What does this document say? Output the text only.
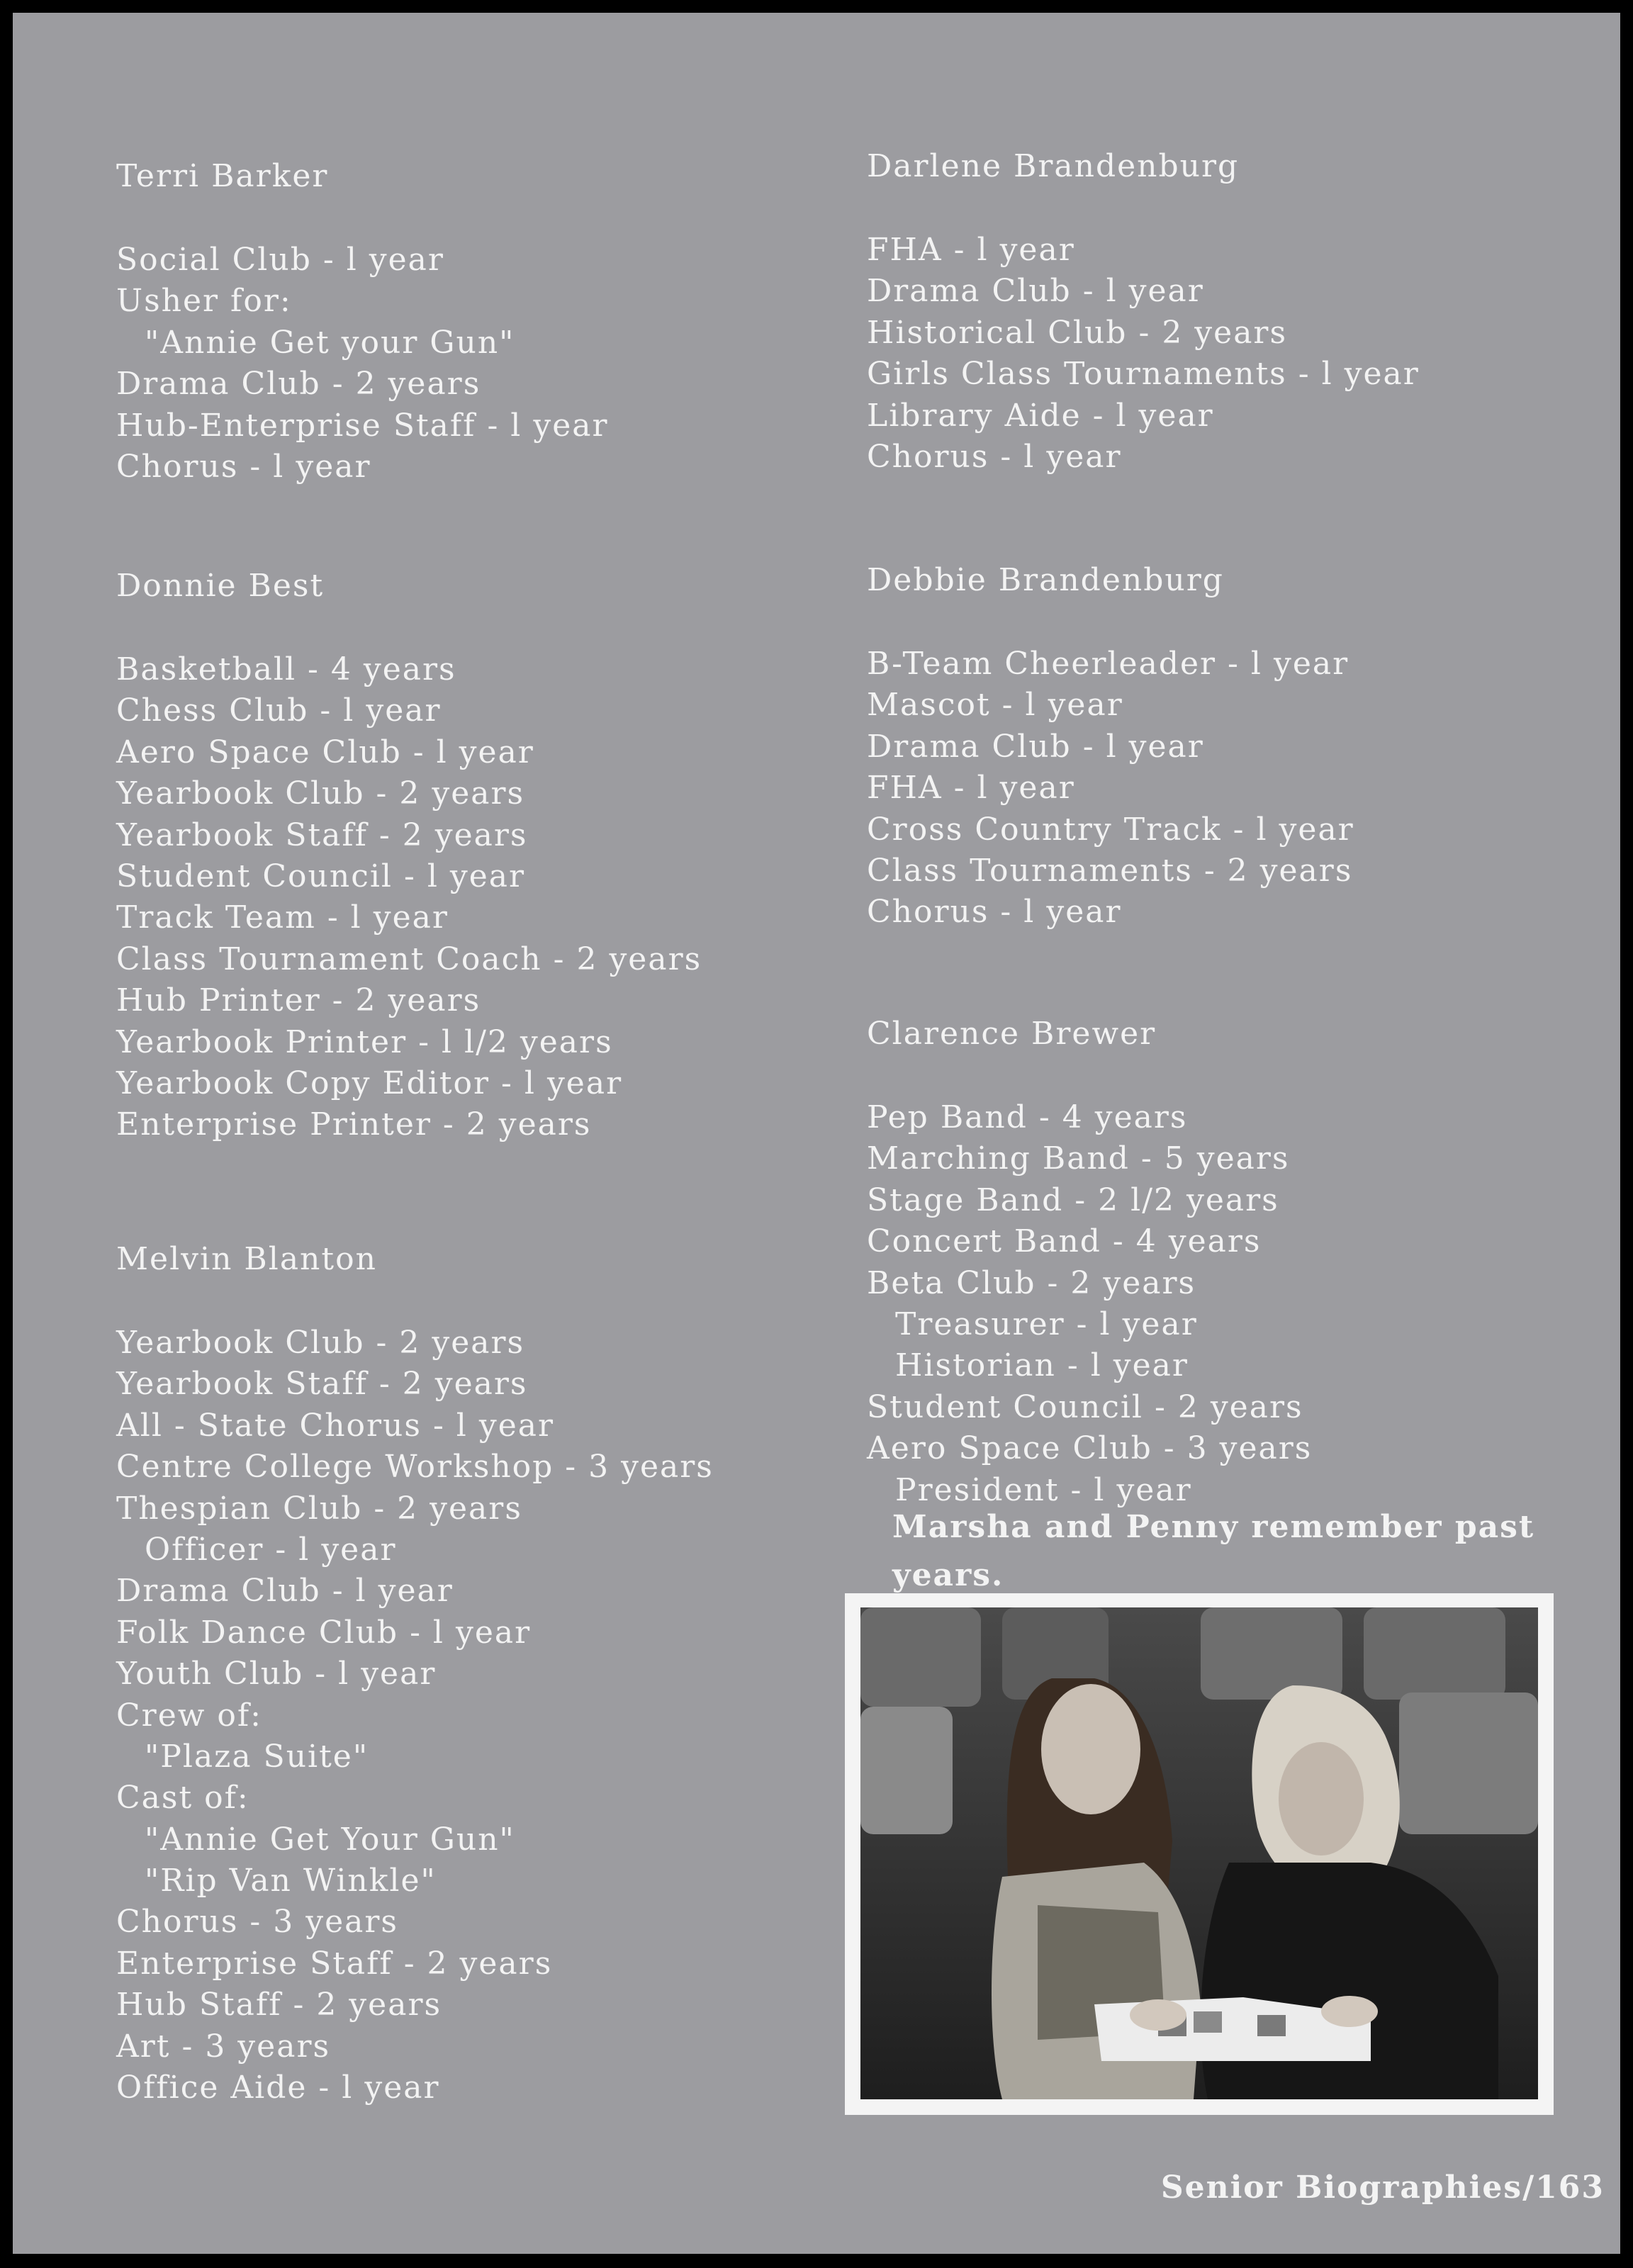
Terri Barker
Social Club - l year
Usher for:
"Annie Get your Gun"
Drama Club - 2 years
Hub-Enterprise Staff - l year
Chorus - l year
Donnie Best
Basketball - 4 years
Chess Club - l year
Aero Space Club - l year
Yearbook Club - 2 years
Yearbook Staff - 2 years
Student Council - l year
Track Team - l year
Class Tournament Coach - 2 years
Hub Printer - 2 years
Yearbook Printer - l l/2 years
Yearbook Copy Editor - l year
Enterprise Printer - 2 years
Melvin Blanton
Yearbook Club - 2 years
Yearbook Staff - 2 years
All - State Chorus - l year
Centre College Workshop - 3 years
Thespian Club - 2 years
Officer - l year
Drama Club - l year
Folk Dance Club - l year
Youth Club - l year
Crew of:
"Plaza Suite"
Cast of:
"Annie Get Your Gun"
"Rip Van Winkle"
Chorus - 3 years
Enterprise Staff - 2 years
Hub Staff - 2 years
Art - 3 years
Office Aide - l year
Darlene Brandenburg
FHA - l year
Drama Club - l year
Historical Club - 2 years
Girls Class Tournaments - l year
Library Aide - l year
Chorus - l year
Debbie Brandenburg
B-Team Cheerleader - l year
Mascot - l year
Drama Club - l year
FHA - l year
Cross Country Track - l year
Class Tournaments - 2 years
Chorus - l year
Clarence Brewer
Pep Band - 4 years
Marching Band - 5 years
Stage Band - 2 l/2 years
Concert Band - 4 years
Beta Club - 2 years
Treasurer - l year
Historian - l year
Student Council - 2 years
Aero Space Club - 3 years
President - l year
Marsha and Penny remember past years.
Senior Biographies/163
